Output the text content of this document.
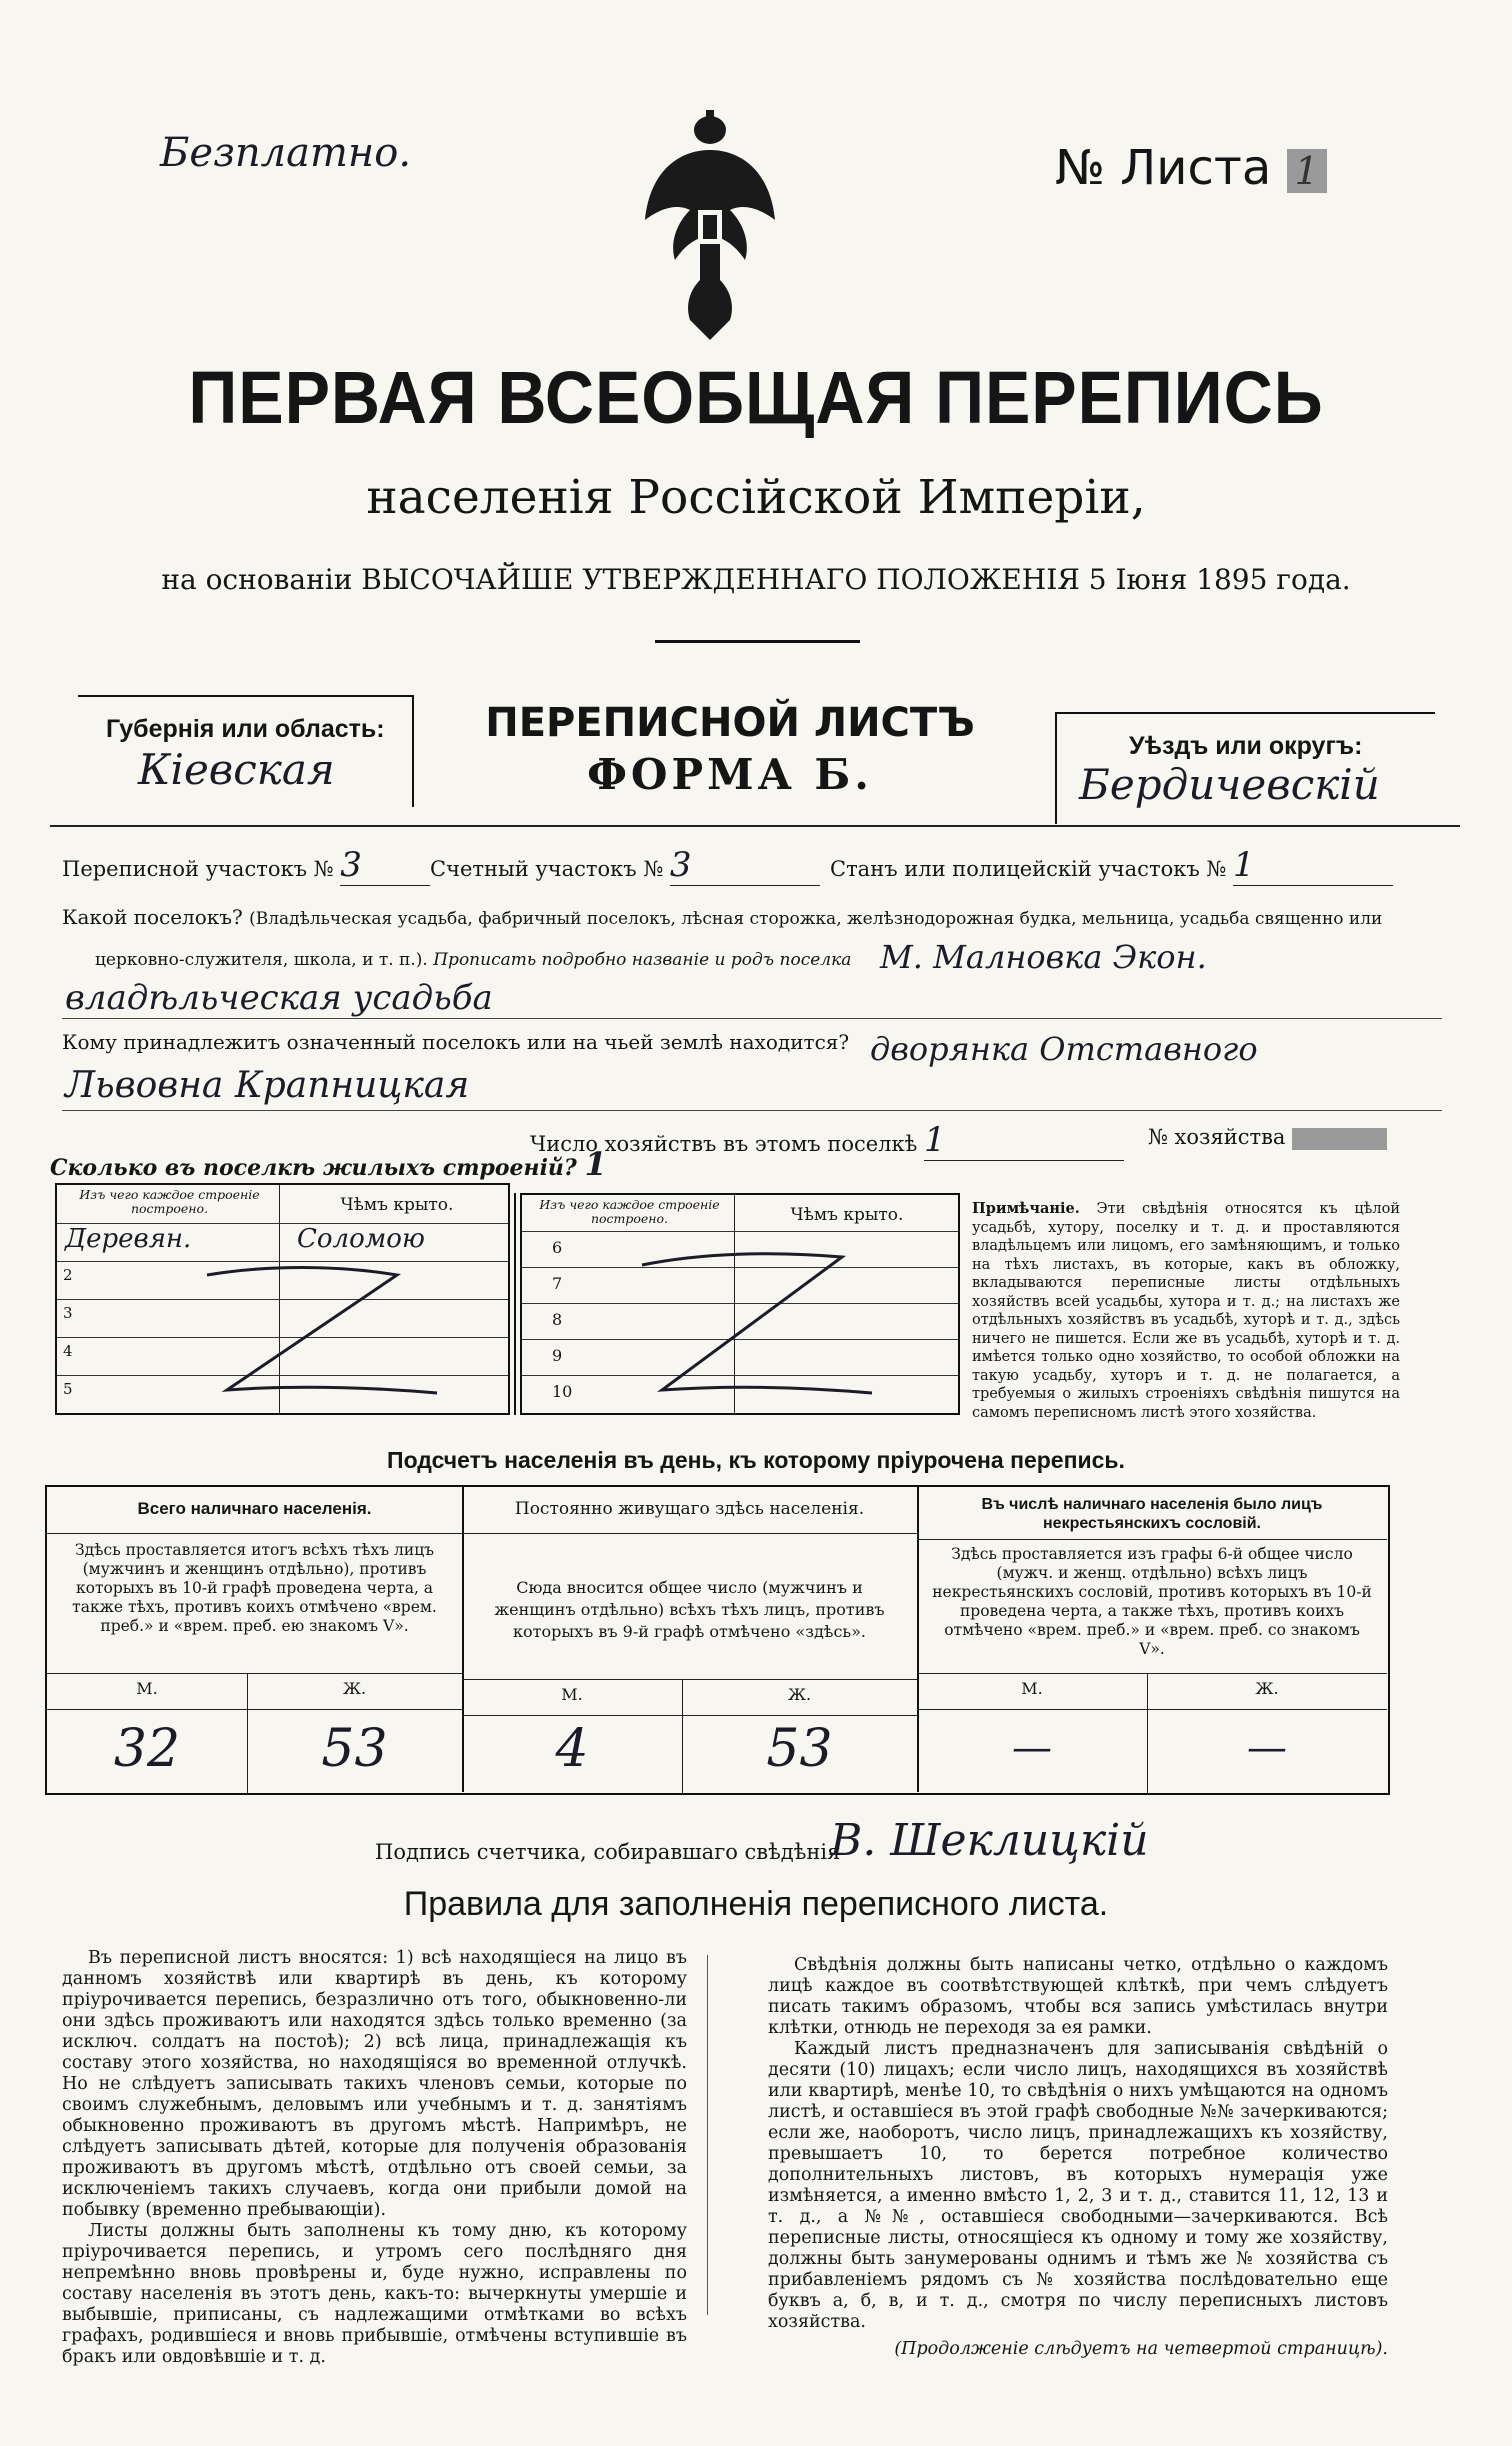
Безплатно.	№ Листа 1
ПЕРВАЯ ВСЕОБЩАЯ ПЕРЕПИСЬ
населенія Россійской Имперіи,
на основаніи ВЫСОЧАЙШЕ УТВЕРЖДЕННАГО ПОЛОЖЕНІЯ 5 Іюня 1895 года.
Губернія или область:
Кіевская
ПЕРЕПИСНОЙ ЛИСТЪ
ФОРМА Б.
Уѣздъ или округъ:
Бердичевскій
Переписной участокъ № 3	Счетный участокъ № 3	Станъ или полицейскій участокъ № 1
Какой поселокъ? (Владѣльческая усадьба, фабричный поселокъ, лѣсная сторожка, желѣзнодорожная будка, мельница, усадьба священно или
церковно-служителя, школа, и т. п.). Прописать подробно названіе и родъ поселка М. Малновка Экон.
владѣльческая усадьба
Кому принадлежитъ означенный поселокъ или на чьей землѣ находится? дворянка Отставного
Львовна Крапницкая
Число хозяйствъ въ этомъ поселкѣ 1	№ хозяйства
Сколько въ поселкѣ жилыхъ строеній? 1
Изъ чего каждое строеніе построено.	Чѣмъ крыто.
Деревян.	Соломою
2
3
4
5
Изъ чего каждое строеніе построено.	Чѣмъ крыто.
6
7
8
9
10
Примѣчаніе. Эти свѣдѣнія относятся къ цѣлой усадьбѣ, хутору, поселку и т. д. и проставляются владѣльцемъ или лицомъ, его замѣняющимъ, и только на тѣхъ листахъ, въ которые, какъ въ обложку, вкладываются переписные листы отдѣльныхъ хозяйствъ всей усадьбы, хутора и т. д.; на листахъ же отдѣльныхъ хозяйствъ въ усадьбѣ, хуторѣ и т. д., здѣсь ничего не пишется. Если же въ усадьбѣ, хуторѣ и т. д. имѣется только одно хозяйство, то особой обложки на такую усадьбу, хуторъ и т. д. не полагается, а требуемыя о жилыхъ строеніяхъ свѣдѣнія пишутся на самомъ переписномъ листѣ этого хозяйства.
Подсчетъ населенія въ день, къ которому пріурочена перепись.
Всего наличнаго населенія.
Здѣсь проставляется итогъ всѣхъ тѣхъ лицъ (мужчинъ и женщинъ отдѣльно), противъ которыхъ въ 10-й графѣ проведена черта, а также тѣхъ, противъ коихъ отмѣчено «врем. преб.» и «врем. преб. ею знакомъ V».
М.	Ж.
32	53
Постоянно живущаго здѣсь населенія.
Сюда вносится общее число (мужчинъ и женщинъ отдѣльно) всѣхъ тѣхъ лицъ, противъ которыхъ въ 9-й графѣ отмѣчено «здѣсь».
М.	Ж.
4	53
Въ числѣ наличнаго населенія было лицъ некрестьянскихъ сословій.
Здѣсь проставляется изъ графы 6-й общее число (мужч. и женщ. отдѣльно) всѣхъ лицъ некрестьянскихъ сословій, противъ которыхъ въ 10-й проведена черта, а также тѣхъ, противъ коихъ отмѣчено «врем. преб.» и «врем. преб. со знакомъ V».
М.	Ж.
—	—
Подпись счетчика, собиравшаго свѣдѣнія
В. Шеклицкій
Правила для заполненія переписного листа.

Въ переписной листъ вносятся: 1) всѣ находящіеся на лицо въ данномъ хозяйствѣ или квартирѣ въ день, къ которому пріурочивается перепись, безразлично отъ того, обыкновенно-ли они здѣсь проживаютъ или находятся здѣсь только временно (за исключ. солдатъ на постоѣ); 2) всѣ лица, принадлежащія къ составу этого хозяйства, но находящіяся во временной отлучкѣ. Но не слѣдуетъ записывать такихъ членовъ семьи, которые по своимъ служебнымъ, деловымъ или учебнымъ и т. д. занятіямъ обыкновенно проживаютъ въ другомъ мѣстѣ. Напримѣръ, не слѣдуетъ записывать дѣтей, которые для полученія образованія проживаютъ въ другомъ мѣстѣ, отдѣльно отъ своей семьи, за исключеніемъ такихъ случаевъ, когда они прибыли домой на побывку (временно пребывающіи).

Листы должны быть заполнены къ тому дню, къ которому пріурочивается перепись, и утромъ сего послѣдняго дня непремѣнно вновь провѣрены и, буде нужно, исправлены по составу населенія въ этотъ день, какъ-то: вычеркнуты умершіе и выбывшіе, приписаны, съ надлежащими отмѣтками во всѣхъ графахъ, родившіеся и вновь прибывшіе, отмѣчены вступившіе въ бракъ или овдовѣвшіе и т. д.

Свѣдѣнія должны быть написаны четко, отдѣльно о каждомъ лицѣ каждое въ соотвѣтствующей клѣткѣ, при чемъ слѣдуетъ писать такимъ образомъ, чтобы вся запись умѣстилась внутри клѣтки, отнюдь не переходя за ея рамки.

Каждый листъ предназначенъ для записыванія свѣдѣній о десяти (10) лицахъ; если число лицъ, находящихся въ хозяйствѣ или квартирѣ, менѣе 10, то свѣдѣнія о нихъ умѣщаются на одномъ листѣ, и оставшіеся въ этой графѣ свободные №№ зачеркиваются; если же, наоборотъ, число лицъ, принадлежащихъ къ хозяйству, превышаетъ 10, то берется потребное количество дополнительныхъ листовъ, въ которыхъ нумерація уже измѣняется, а именно вмѣсто 1, 2, 3 и т. д., ставится 11, 12, 13 и т. д., а №№, оставшіеся свободными—зачеркиваются. Всѣ переписные листы, относящіеся къ одному и тому же хозяйству, должны быть занумерованы однимъ и тѣмъ же № хозяйства съ прибавленіемъ рядомъ съ № хозяйства послѣдовательно еще буквъ а, б, в, и т. д., смотря по числу переписныхъ листовъ хозяйства.

(Продолженіе слѣдуетъ на четвертой страницѣ).
